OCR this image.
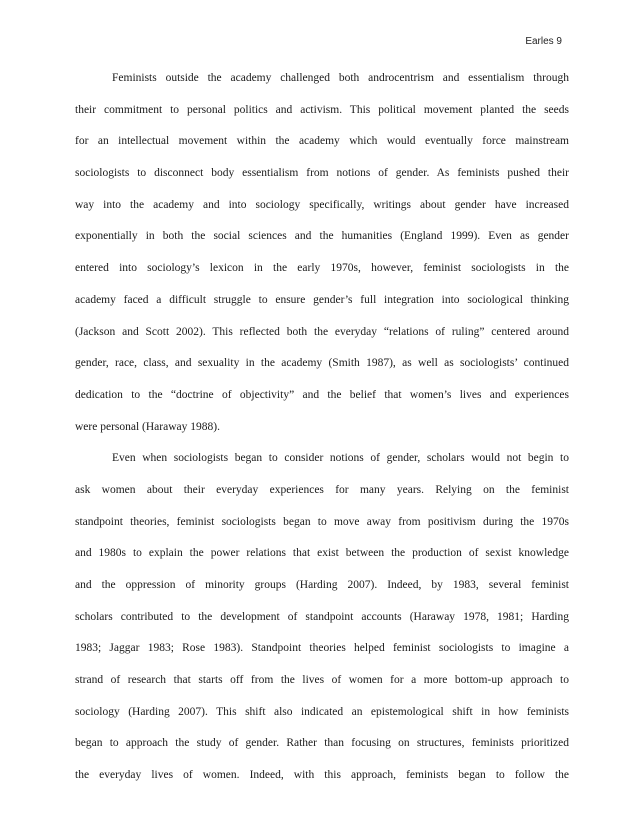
Earles 9
Feminists outside the academy challenged both androcentrism and essentialism through
their commitment to personal politics and activism. This political movement planted the seeds
for an intellectual movement within the academy which would eventually force mainstream
sociologists to disconnect body essentialism from notions of gender. As feminists pushed their
way into the academy and into sociology specifically, writings about gender have increased
exponentially in both the social sciences and the humanities (England 1999). Even as gender
entered into sociology’s lexicon in the early 1970s, however, feminist sociologists in the
academy faced a difficult struggle to ensure gender’s full integration into sociological thinking
(Jackson and Scott 2002). This reflected both the everyday “relations of ruling” centered around
gender, race, class, and sexuality in the academy (Smith 1987), as well as sociologists’ continued
dedication to the “doctrine of objectivity” and the belief that women’s lives and experiences
were personal (Haraway 1988).
Even when sociologists began to consider notions of gender, scholars would not begin to
ask women about their everyday experiences for many years. Relying on the feminist
standpoint theories, feminist sociologists began to move away from positivism during the 1970s
and 1980s to explain the power relations that exist between the production of sexist knowledge
and the oppression of minority groups (Harding 2007). Indeed, by 1983, several feminist
scholars contributed to the development of standpoint accounts (Haraway 1978, 1981; Harding
1983; Jaggar 1983; Rose 1983). Standpoint theories helped feminist sociologists to imagine a
strand of research that starts off from the lives of women for a more bottom-up approach to
sociology (Harding 2007). This shift also indicated an epistemological shift in how feminists
began to approach the study of gender. Rather than focusing on structures, feminists prioritized
the everyday lives of women. Indeed, with this approach, feminists began to follow the
